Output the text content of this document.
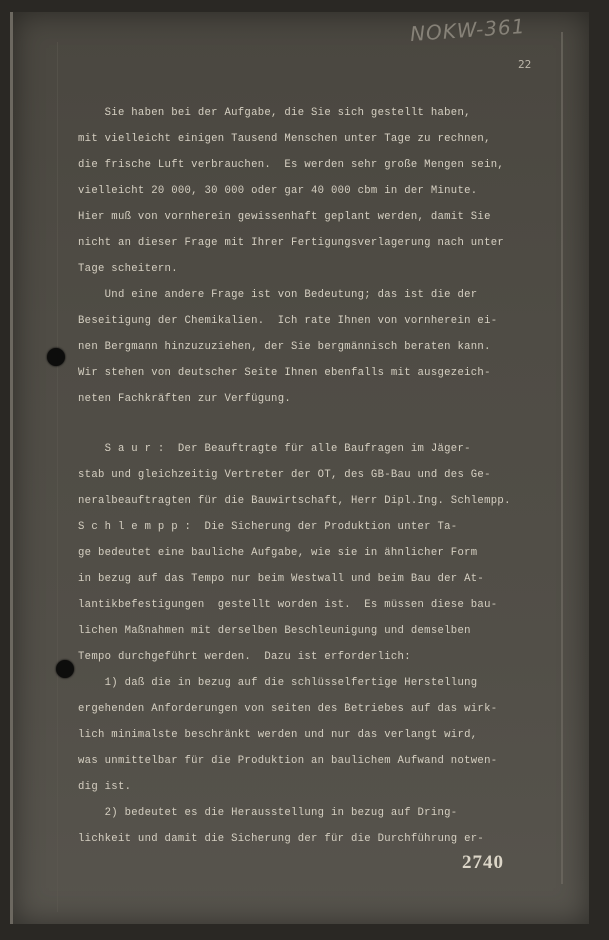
NOKW-361
22

Sie haben bei der Aufgabe, die Sie sich gestellt haben,

mit vielleicht einigen Tausend Menschen unter Tage zu rechnen,

die frische Luft verbrauchen.  Es werden sehr große Mengen sein,

vielleicht 20 000, 30 000 oder gar 40 000 cbm in der Minute.

Hier muß von vornherein gewissenhaft geplant werden, damit Sie

nicht an dieser Frage mit Ihrer Fertigungsverlagerung nach unter

Tage scheitern.

Und eine andere Frage ist von Bedeutung; das ist die der

Beseitigung der Chemikalien.  Ich rate Ihnen von vornherein ei-

nen Bergmann hinzuzuziehen, der Sie bergmännisch beraten kann.

Wir stehen von deutscher Seite Ihnen ebenfalls mit ausgezeich-

neten Fachkräften zur Verfügung.

S a u r :  Der Beauftragte für alle Baufragen im Jäger-

stab und gleichzeitig Vertreter der OT, des GB-Bau und des Ge-

neralbeauftragten für die Bauwirtschaft, Herr Dipl.Ing. Schlempp.

S c h l e m p p :  Die Sicherung der Produktion unter Ta-

ge bedeutet eine bauliche Aufgabe, wie sie in ähnlicher Form

in bezug auf das Tempo nur beim Westwall und beim Bau der At-

lantikbefestigungen  gestellt worden ist.  Es müssen diese bau-

lichen Maßnahmen mit derselben Beschleunigung und demselben

Tempo durchgeführt werden.  Dazu ist erforderlich:

1) daß die in bezug auf die schlüsselfertige Herstellung

ergehenden Anforderungen von seiten des Betriebes auf das wirk-

lich minimalste beschränkt werden und nur das verlangt wird,

was unmittelbar für die Produktion an baulichem Aufwand notwen-

dig ist.

2) bedeutet es die Herausstellung in bezug auf Dring-

lichkeit und damit die Sicherung der für die Durchführung er-

2740
